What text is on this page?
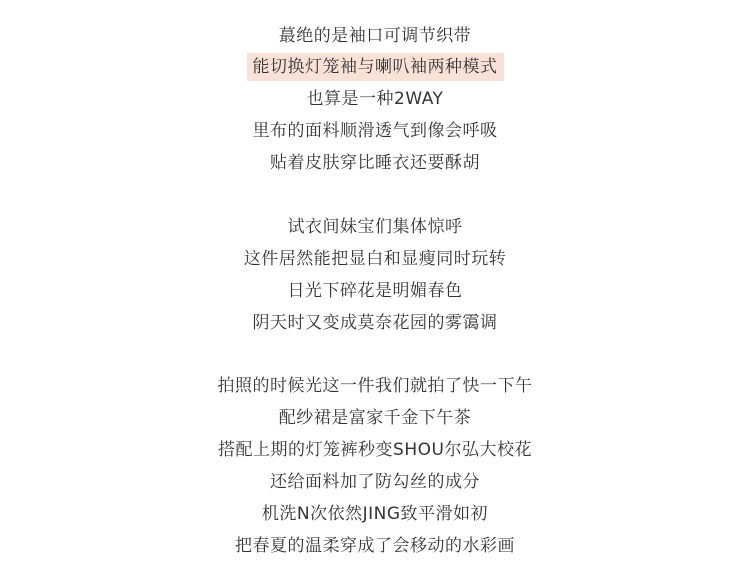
蕞绝的是袖口可调节织带
能切换灯笼袖与喇叭袖两种模式
也算是一种2WAY
里布的面料顺滑透气到像会呼吸
贴着皮肤穿比睡衣还要酥胡
试衣间妹宝们集体惊呼
这件居然能把显白和显瘦同时玩转
日光下碎花是明媚春色
阴天时又变成莫奈花园的雾霭调
拍照的时候光这一件我们就拍了快一下午
配纱裙是富家千金下午茶
搭配上期的灯笼裤秒变SHOU尔弘大校花
还给面料加了防勾丝的成分
机洗N次依然JING致平滑如初
把春夏的温柔穿成了会移动的水彩画
